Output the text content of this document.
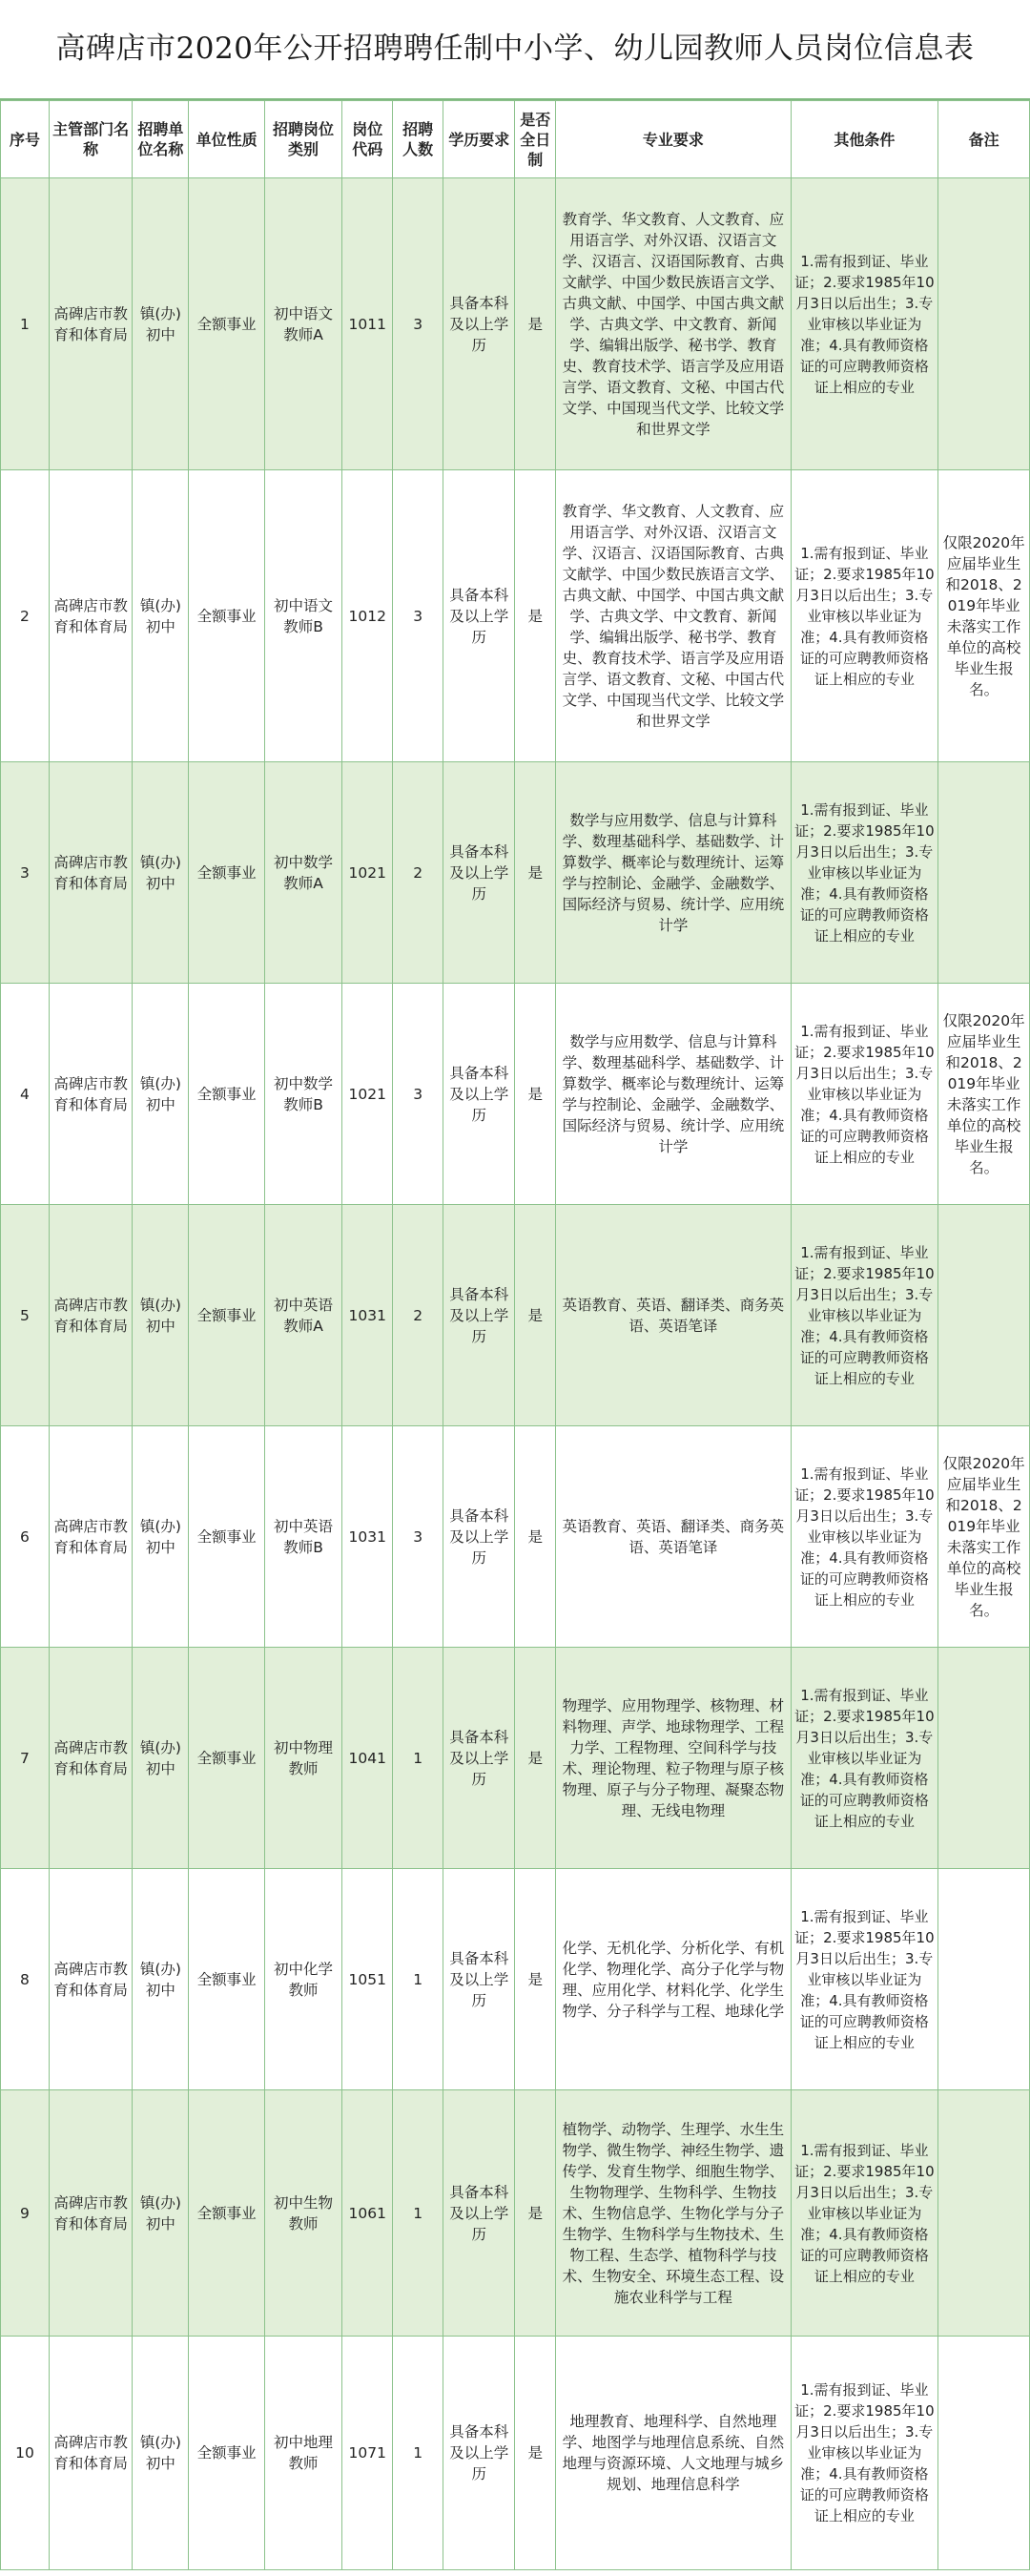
高碑店市2020年公开招聘聘任制中小学、幼儿园教师人员岗位信息表
序号	主管部门名称	招聘单位名称	单位性质	招聘岗位类别	岗位代码	招聘人数	学历要求	是否全日制	专业要求	其他条件	备注
1	高碑店市教育和体育局	镇(办)初中	全额事业	初中语文教师A	1011	3	具备本科及以上学历	是	教育学、华文教育、人文教育、应用语言学、对外汉语、汉语言文学、汉语言、汉语国际教育、古典文献学、中国少数民族语言文学、古典文献、中国学、中国古典文献学、古典文学、中文教育、新闻学、编辑出版学、秘书学、教育史、教育技术学、语言学及应用语言学、语文教育、文秘、中国古代文学、中国现当代文学、比较文学和世界文学	1.需有报到证、毕业证；2.要求1985年10月3日以后出生；3.专业审核以毕业证为准；4.具有教师资格证的可应聘教师资格证上相应的专业	
2	高碑店市教育和体育局	镇(办)初中	全额事业	初中语文教师B	1012	3	具备本科及以上学历	是	教育学、华文教育、人文教育、应用语言学、对外汉语、汉语言文学、汉语言、汉语国际教育、古典文献学、中国少数民族语言文学、古典文献、中国学、中国古典文献学、古典文学、中文教育、新闻学、编辑出版学、秘书学、教育史、教育技术学、语言学及应用语言学、语文教育、文秘、中国古代文学、中国现当代文学、比较文学和世界文学	1.需有报到证、毕业证；2.要求1985年10月3日以后出生；3.专业审核以毕业证为准；4.具有教师资格证的可应聘教师资格证上相应的专业	仅限2020年应届毕业生和2018、2019年毕业未落实工作单位的高校毕业生报名。
3	高碑店市教育和体育局	镇(办)初中	全额事业	初中数学教师A	1021	2	具备本科及以上学历	是	数学与应用数学、信息与计算科学、数理基础科学、基础数学、计算数学、概率论与数理统计、运筹学与控制论、金融学、金融数学、国际经济与贸易、统计学、应用统计学	1.需有报到证、毕业证；2.要求1985年10月3日以后出生；3.专业审核以毕业证为准；4.具有教师资格证的可应聘教师资格证上相应的专业	
4	高碑店市教育和体育局	镇(办)初中	全额事业	初中数学教师B	1021	3	具备本科及以上学历	是	数学与应用数学、信息与计算科学、数理基础科学、基础数学、计算数学、概率论与数理统计、运筹学与控制论、金融学、金融数学、国际经济与贸易、统计学、应用统计学	1.需有报到证、毕业证；2.要求1985年10月3日以后出生；3.专业审核以毕业证为准；4.具有教师资格证的可应聘教师资格证上相应的专业	仅限2020年应届毕业生和2018、2019年毕业未落实工作单位的高校毕业生报名。
5	高碑店市教育和体育局	镇(办)初中	全额事业	初中英语教师A	1031	2	具备本科及以上学历	是	英语教育、英语、翻译类、商务英语、英语笔译	1.需有报到证、毕业证；2.要求1985年10月3日以后出生；3.专业审核以毕业证为准；4.具有教师资格证的可应聘教师资格证上相应的专业	
6	高碑店市教育和体育局	镇(办)初中	全额事业	初中英语教师B	1031	3	具备本科及以上学历	是	英语教育、英语、翻译类、商务英语、英语笔译	1.需有报到证、毕业证；2.要求1985年10月3日以后出生；3.专业审核以毕业证为准；4.具有教师资格证的可应聘教师资格证上相应的专业	仅限2020年应届毕业生和2018、2019年毕业未落实工作单位的高校毕业生报名。
7	高碑店市教育和体育局	镇(办)初中	全额事业	初中物理教师	1041	1	具备本科及以上学历	是	物理学、应用物理学、核物理、材料物理、声学、地球物理学、工程力学、工程物理、空间科学与技术、理论物理、粒子物理与原子核物理、原子与分子物理、凝聚态物理、无线电物理	1.需有报到证、毕业证；2.要求1985年10月3日以后出生；3.专业审核以毕业证为准；4.具有教师资格证的可应聘教师资格证上相应的专业	
8	高碑店市教育和体育局	镇(办)初中	全额事业	初中化学教师	1051	1	具备本科及以上学历	是	化学、无机化学、分析化学、有机化学、物理化学、高分子化学与物理、应用化学、材料化学、化学生物学、分子科学与工程、地球化学	1.需有报到证、毕业证；2.要求1985年10月3日以后出生；3.专业审核以毕业证为准；4.具有教师资格证的可应聘教师资格证上相应的专业	
9	高碑店市教育和体育局	镇(办)初中	全额事业	初中生物教师	1061	1	具备本科及以上学历	是	植物学、动物学、生理学、水生生物学、微生物学、神经生物学、遗传学、发育生物学、细胞生物学、生物物理学、生物科学、生物技术、生物信息学、生物化学与分子生物学、生物科学与生物技术、生物工程、生态学、植物科学与技术、生物安全、环境生态工程、设施农业科学与工程	1.需有报到证、毕业证；2.要求1985年10月3日以后出生；3.专业审核以毕业证为准；4.具有教师资格证的可应聘教师资格证上相应的专业	
10	高碑店市教育和体育局	镇(办)初中	全额事业	初中地理教师	1071	1	具备本科及以上学历	是	地理教育、地理科学、自然地理学、地图学与地理信息系统、自然地理与资源环境、人文地理与城乡规划、地理信息科学	1.需有报到证、毕业证；2.要求1985年10月3日以后出生；3.专业审核以毕业证为准；4.具有教师资格证的可应聘教师资格证上相应的专业	
